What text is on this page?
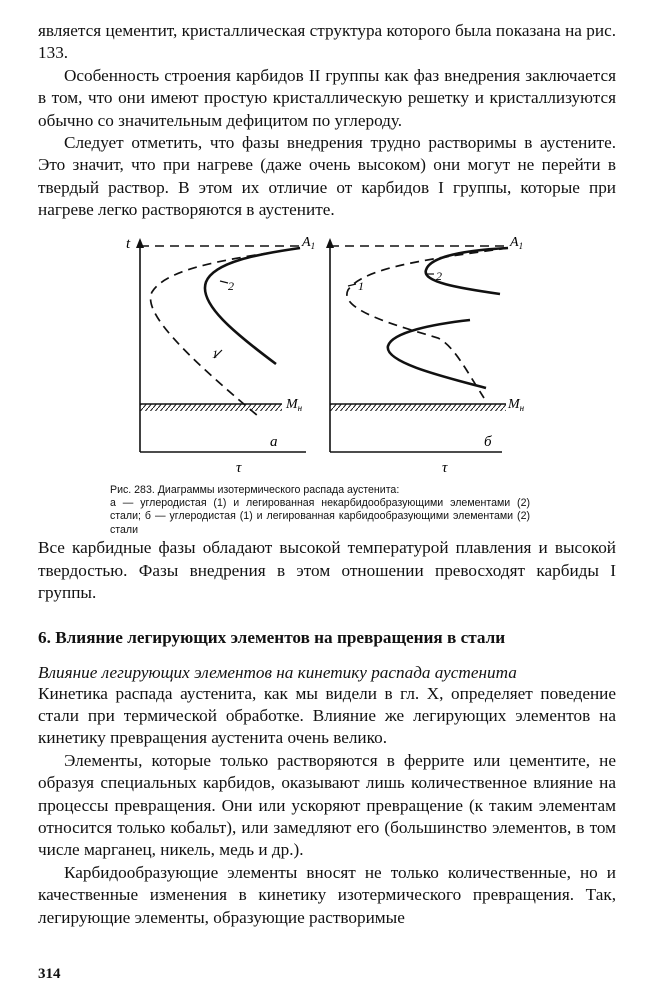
является цементит, кристаллическая структура которого была показана на рис. 133.

Особенность строения карбидов II группы как фаз внедрения заключается в том, что они имеют простую кристаллическую решетку и кристаллизуются обычно со значительным дефицитом по углероду.

Следует отметить, что фазы внедрения трудно растворимы в аустените. Это значит, что при нагреве (даже очень высоком) они могут не перейти в твердый раствор. В этом их отличие от карбидов I группы, которые при нагреве легко растворяются в аустените.

$A_1$
$M_н$
1
2
a
τ
t	$A_1$
$M_н$
1
2
б
τ
Рис. 283. Диаграммы изотермического распада аустенита:
а — углеродистая (1) и легированная некарбидообразующими элементами (2) стали; б — углеродистая (1) и легированная карбидообразующими элементами (2) стали

Все карбидные фазы обладают высокой температурой плавления и высокой твердостью. Фазы внедрения в этом отношении превосходят карбиды I группы.

6. Влияние легирующих элементов на превращения в стали
Влияние легирующих элементов на кинетику распада аустенита

Кинетика распада аустенита, как мы видели в гл. X, определяет поведение стали при термической обработке. Влияние же легирующих элементов на кинетику превращения аустенита очень велико.

Элементы, которые только растворяются в феррите или цементите, не образуя специальных карбидов, оказывают лишь количественное влияние на процессы превращения. Они или ускоряют превращение (к таким элементам относится только кобальт), или замедляют его (большинство элементов, в том числе марганец, никель, медь и др.).

Карбидообразующие элементы вносят не только количественные, но и качественные изменения в кинетику изотермического превращения. Так, легирующие элементы, образующие растворимые

314
